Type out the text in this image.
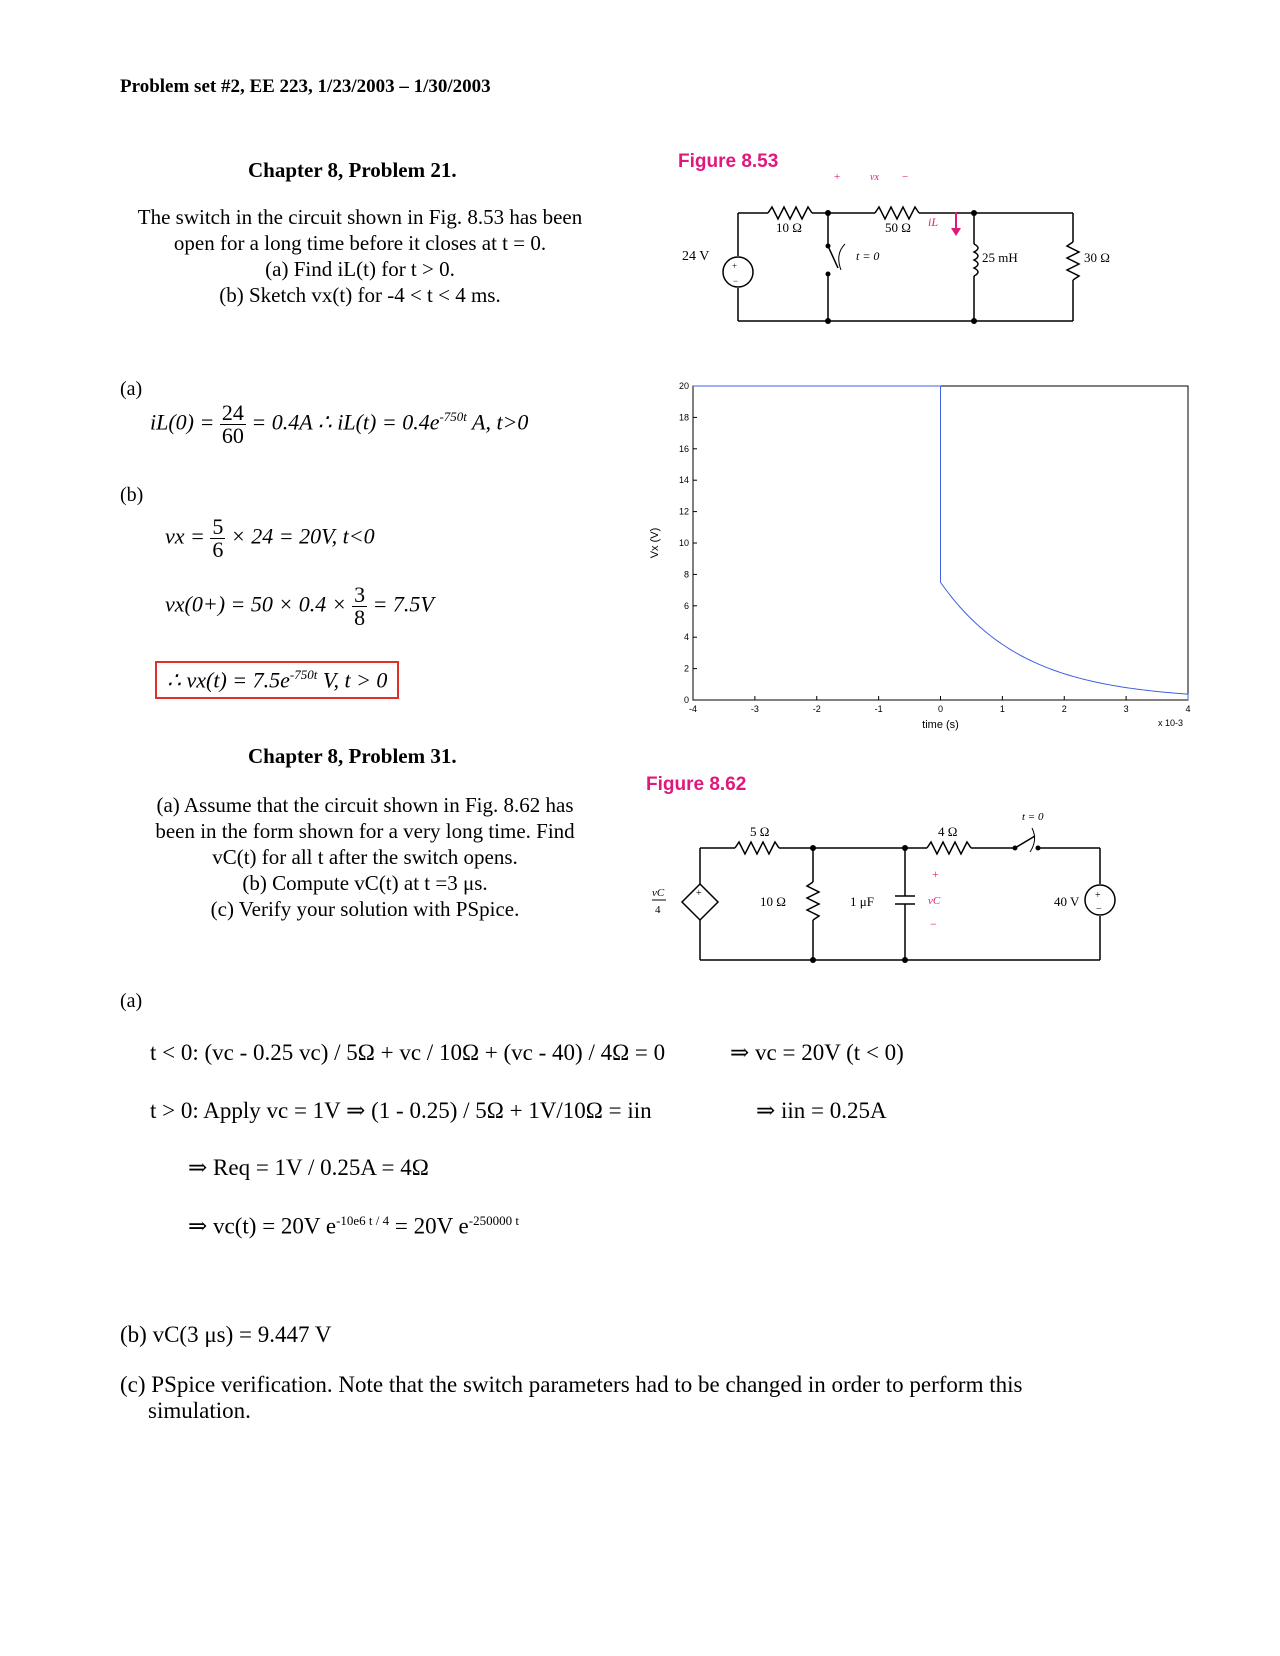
Problem set #2, EE 223, 1/23/2003 – 1/30/2003
Chapter 8, Problem 21.
The switch in the circuit shown in Fig. 8.53 has been
open for a long time before it closes at t = 0.
(a) Find iL(t) for t > 0.
(b) Sketch vx(t) for -4 < t < 4 ms.
(a)
$iL(0) = \frac{24}{60} = 0.4A$ ∴ $iL(t) = 0.4e^{-750t}$ A, t>0
(b)
vx = $\frac{5}{6} \times 24 = 20V$, t<0
$vx(0+) = 50 \times 0.4 \times \frac{3}{8} = 7.5V$
∴ $vx(t) = 7.5e^{-750t}$ V, t > 0
Figure 8.53
+
−
iL
+	vx −
10 Ω	50 Ω
24 V	t = 0	25 mH	30 Ω
-4	-3	-2	-1	0	1	2	3	4
0
2
4
6
8
10
12
14
16
18
20
time (s)
Vx (V)
x 10-3
Chapter 8, Problem 31.
(a) Assume that the circuit shown in Fig. 8.62 has
been in the form shown for a very long time. Find
vC(t) for all t after the switch opens.
(b) Compute vC(t) at t =3 μs.
(c) Verify your solution with PSpice.
Figure 8.62
+	+
−
+
−
vC
5 Ω	4 Ω
10 Ω	1 μF	40 V
t = 0
vC
4
(a)
t < 0: (vc - 0.25 vc) / 5Ω + vc / 10Ω + (vc - 40) / 4Ω = 0	⇒ vc = 20V (t < 0)
t > 0: Apply vc = 1V ⇒ (1 - 0.25) / 5Ω + 1V/10Ω = iin	⇒ iin = 0.25A
⇒ Req = 1V / 0.25A = 4Ω
⇒ vc(t) = 20V $e^{-10e6 t / 4} = 20V$ $e^{-250000 t}$
(b) vC(3 μs) = 9.447 V
(c) PSpice verification. Note that the switch parameters had to be changed in order to perform this
simulation.
